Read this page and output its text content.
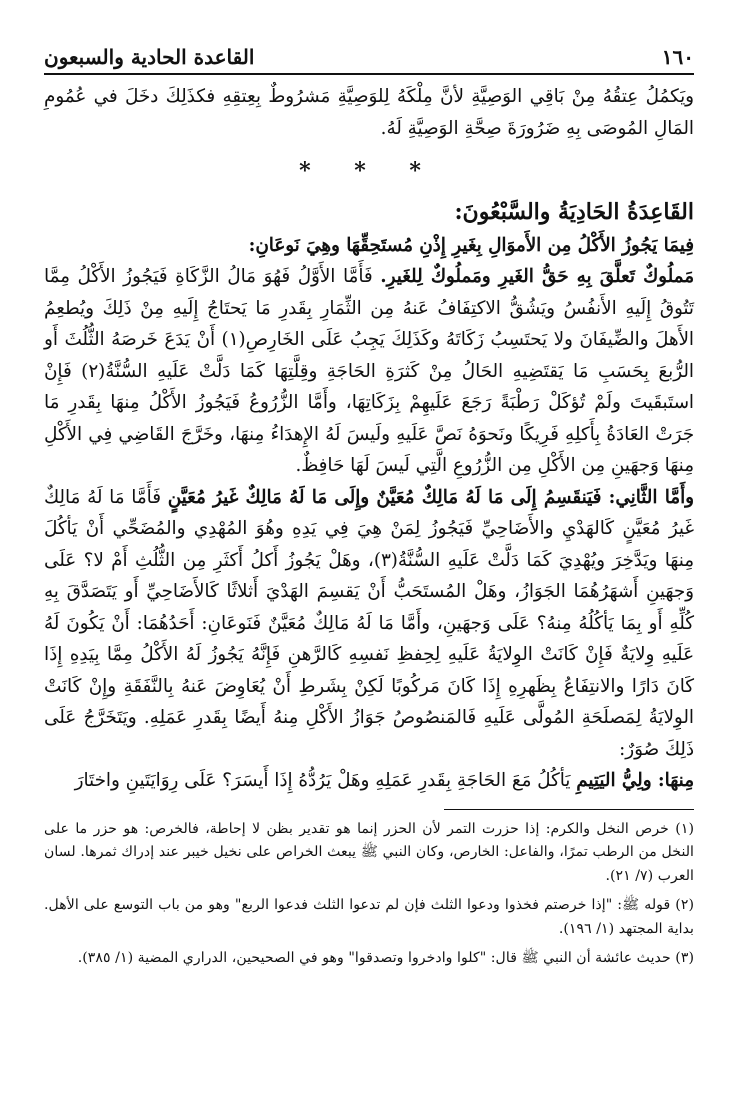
١٦٠
القاعدة الحادية والسبعون

ويَكمُلُ عِتقُهُ مِنْ بَاقِي الوَصِيَّةِ لأنَّ مِلْكَهُ لِلوَصِيَّةِ مَشرُوطٌ بِعِتقِهِ فكذَلِكَ دخَلَ في عُمُومِ المَالِ المُوصَى بِهِ ضَرُورَةَ صِحَّةِ الوَصِيَّةِ لَهُ.

* * *
القَاعِدَةُ الحَادِيَةُ والسَّبْعُونَ:

فِيمَا يَجُوزُ الأَكْلُ مِن الأَموَالِ بِغَيرِ إِذْنِ مُستَحِقِّهَا وهِيَ نَوعَانِ:

مَملُوكٌ تَعلَّقَ بِهِ حَقُّ الغَيرِ ومَملُوكٌ لِلغَيرِ. فَأَمَّا الأَوَّلُ فَهُوَ مَالُ الزَّكَاةِ فَيَجُوزُ الأَكْلُ مِمَّا تَتُوقُ إِلَيهِ الأَنفُسُ ويَشُقُّ الاكتِفَافُ عَنهُ مِن الثِّمَارِ بِقَدرِ مَا يَحتَاجُ إِلَيهِ مِنْ ذَلِكَ ويُطعِمُ الأَهلَ والضِّيفَانَ ولا يَحتَسِبُ زَكَاتَهُ وكَذَلِكَ يَجِبُ عَلَى الخَارِصِ(١) أَنْ يَدَعَ خَرصَهُ الثُّلُثَ أَو الرُّبعَ بِحَسَبِ مَا يَقتَضِيهِ الحَالُ مِنْ كَثرَةِ الحَاجَةِ وقِلَّتِهَا كَمَا دَلَّتْ عَلَيهِ السُّنَّةُ(٢) فَإِنْ استَبقَيتَ ولَمْ تُؤكَلْ رَطْبَةً رَجَعَ عَلَيهِمْ بِزَكَاتِهَا، وأَمَّا الزُّرُوعُ فَيَجُوزُ الأَكْلُ مِنهَا بِقَدرِ مَا جَرَتْ العَادَةُ بِأَكلِهِ فَرِيكًا ونَحوَهُ نَصَّ عَلَيهِ ولَيسَ لَهُ الإِهدَاءُ مِنهَا، وخَرَّجَ القَاضِي فِي الأَكْلِ مِنهَا وَجهَينِ مِن الأَكْلِ مِن الزُّرُوعِ الَّتِي لَيسَ لَهَا حَافِظٌ.

وأَمَّا الثَّانِي: فَيَنقَسِمُ إِلَى مَا لَهُ مَالِكٌ مُعَيَّنٌ وإِلَى مَا لَهُ مَالِكٌ غَيرُ مُعَيَّنٍ فَأَمَّا مَا لَهُ مَالِكٌ غَيرُ مُعَيَّنٍ كَالهَدْيِ والأَضَاحِيِّ فَيَجُوزُ لِمَنْ هِيَ فِي يَدِهِ وهُوَ المُهْدِي والمُضَحِّي أَنْ يَأكُلَ مِنهَا ويَدَّخِرَ ويُهْدِيَ كَمَا دَلَّتْ عَلَيهِ السُّنَّةُ(٣)، وهَلْ يَجُوزُ أَكلُ أَكثَرِ مِن الثُّلُثِ أَمْ لا؟ عَلَى وَجهَينِ أَشهَرُهُمَا الجَوَازُ، وهَلْ المُستَحَبُّ أَنْ يَقسِمَ الهَدْيَ أَثلاثًا كَالأَضَاحِيِّ أَو يَتَصَدَّقَ بِهِ كُلِّهِ أَو بِمَا يَأكُلُهُ مِنهُ؟ عَلَى وَجهَينِ، وأَمَّا مَا لَهُ مَالِكٌ مُعَيَّنٌ فَنَوعَانِ: أَحَدُهُمَا: أَنْ يَكُونَ لَهُ عَلَيهِ وِلايَةٌ فَإِنْ كَانَتْ الوِلايَةُ عَلَيهِ لِحِفظِ نَفسِهِ كَالرَّهنِ فَإِنَّهُ يَجُوزُ لَهُ الأَكْلُ مِمَّا بِيَدِهِ إِذَا كَانَ دَارًا والانتِفَاعُ بِظَهرِهِ إِذَا كَانَ مَركُوبًا لَكِنْ بِشَرطِ أَنْ يُعَاوِضَ عَنهُ بِالنَّفَقَةِ وإِنْ كَانَتْ الوِلايَةُ لِمَصلَحَةِ المُولَّى عَلَيهِ فَالمَنصُوصُ جَوَازُ الأَكْلِ مِنهُ أَيضًا بِقَدرِ عَمَلِهِ. ويَتَخَرَّجُ عَلَى ذَلِكَ صُوَرٌ:

مِنهَا: ولِيُّ اليَتِيمِ يَأكُلُ مَعَ الحَاجَةِ بِقَدرِ عَمَلِهِ وهَلْ يَرُدُّهُ إِذَا أَيسَرَ؟ عَلَى رِوَايَتَينِ واختَارَ

(١) خرص النخل والكرم: إذا حزرت التمر لأن الحزر إنما هو تقدير بظن لا إحاطة، فالخرص: هو حزر ما على النخل من الرطب تمرًا، والفاعل: الخارص، وكان النبي ﷺ يبعث الخراص على نخيل خيبر عند إدراك ثمرها. لسان العرب (٧/ ٢١).

(٢) قوله ﷺ: "إذا خرصتم فخذوا ودعوا الثلث فإن لم تدعوا الثلث فدعوا الربع" وهو من باب التوسع على الأهل. بداية المجتهد (١/ ١٩٦).

(٣) حديث عائشة أن النبي ﷺ قال: "كلوا وادخروا وتصدقوا" وهو في الصحيحين، الدراري المضية (١/ ٣٨٥).
